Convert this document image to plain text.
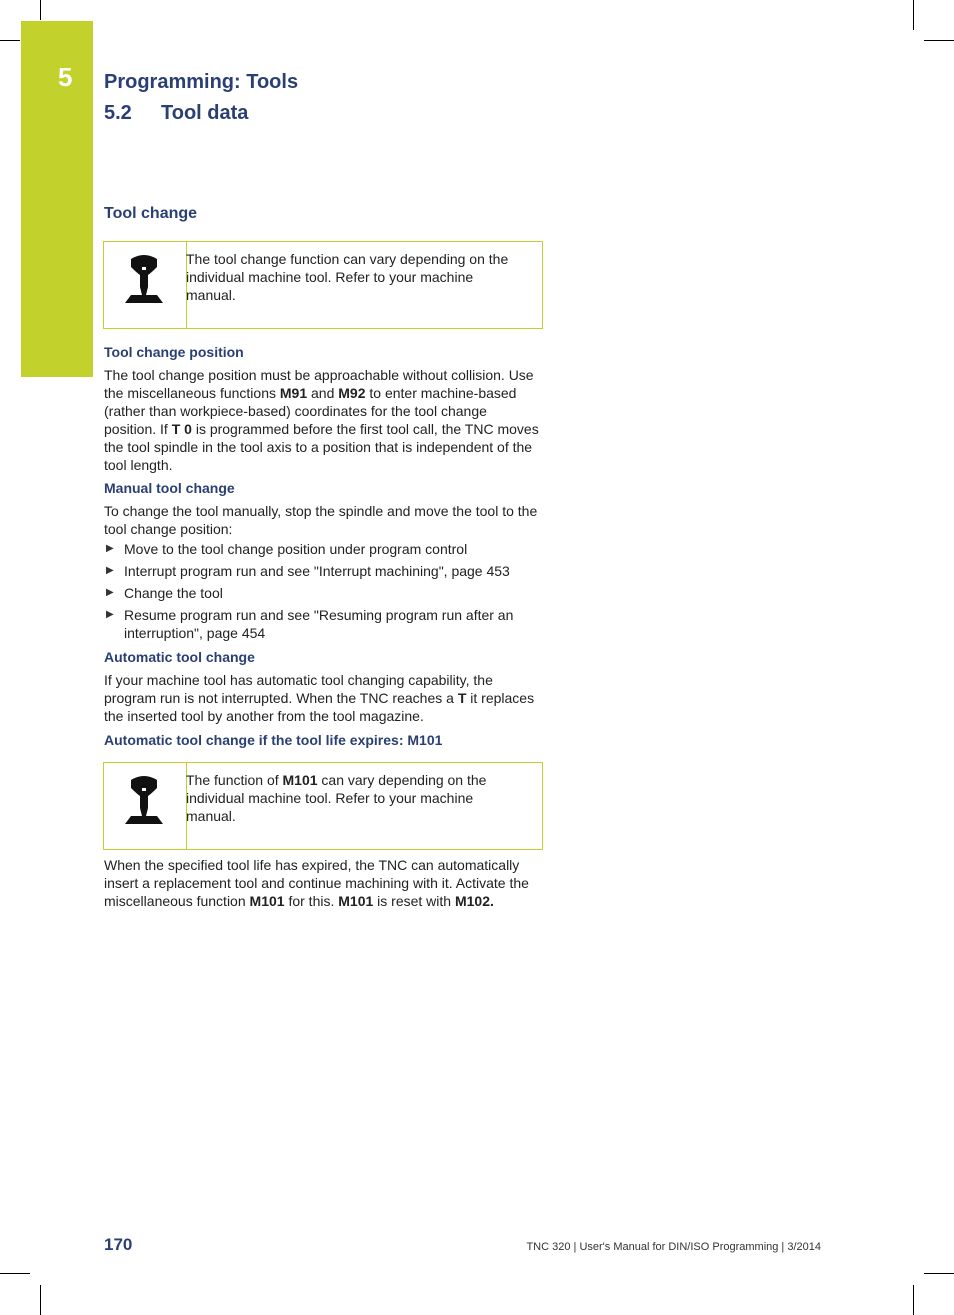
5 Programming: Tools
5.2 Tool data
Tool change
The tool change function can vary depending on the individual machine tool. Refer to your machine manual.
Tool change position
The tool change position must be approachable without collision. Use the miscellaneous functions M91 and M92 to enter machine-based (rather than workpiece-based) coordinates for the tool change position. If T 0 is programmed before the first tool call, the TNC moves the tool spindle in the tool axis to a position that is independent of the tool length.
Manual tool change
To change the tool manually, stop the spindle and move the tool to the tool change position:
▶ Move to the tool change position under program control
▶ Interrupt program run and see "Interrupt machining", page 453
▶ Change the tool
▶ Resume program run and see "Resuming program run after an interruption", page 454
Automatic tool change
If your machine tool has automatic tool changing capability, the program run is not interrupted. When the TNC reaches a T it replaces the inserted tool by another from the tool magazine.
Automatic tool change if the tool life expires: M101
The function of M101 can vary depending on the individual machine tool. Refer to your machine manual.
When the specified tool life has expired, the TNC can automatically insert a replacement tool and continue machining with it. Activate the miscellaneous function M101 for this. M101 is reset with M102.
170	TNC 320 | User's Manual for DIN/ISO Programming | 3/2014
